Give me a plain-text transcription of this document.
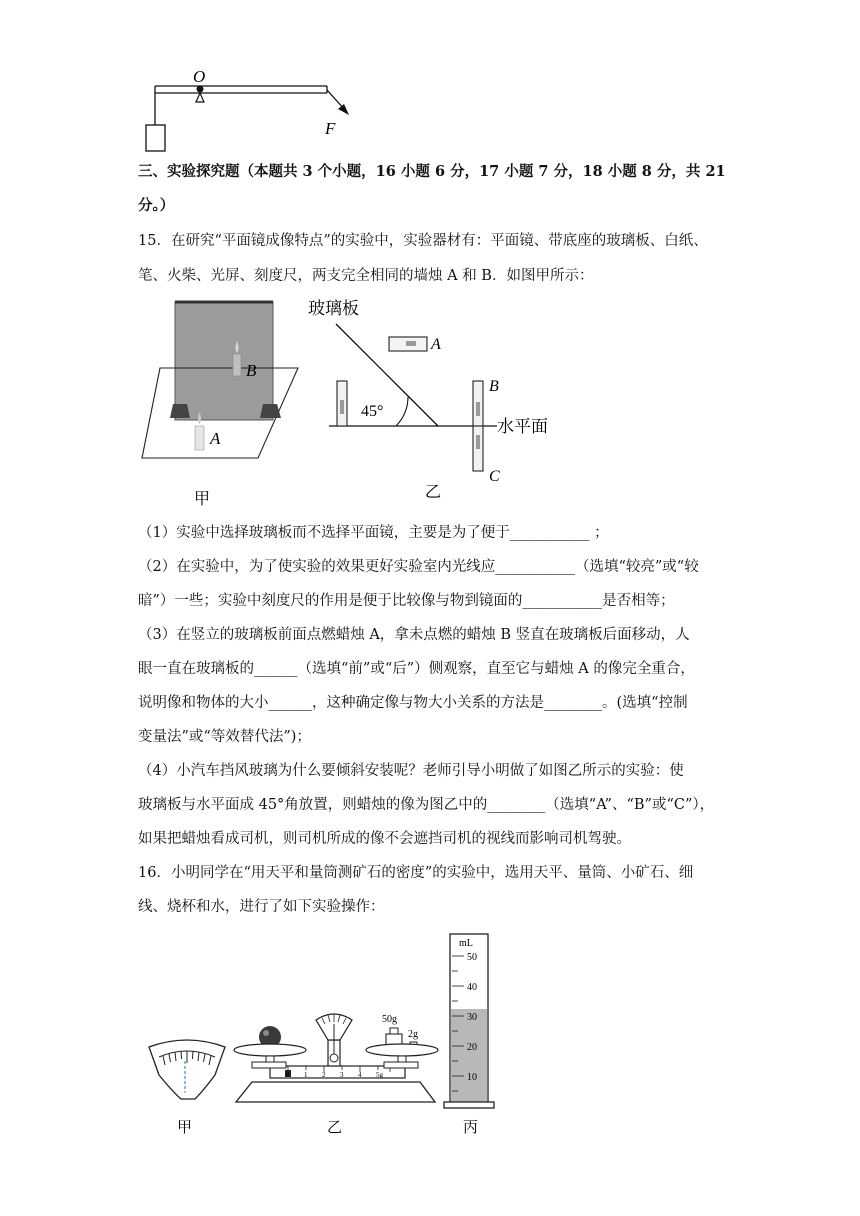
O
F
三、实验探究题（本题共 3 个小题，16 小题 6 分，17 小题 7 分，18 小题 8 分，共 21
分。）
15．在研究“平面镜成像特点”的实验中，实验器材有：平面镜、带底座的玻璃板、白纸、
笔、火柴、光屏、刻度尺，两支完全相同的墙烛 A 和 B．如图甲所示：
B
A
甲
玻璃板
45°
A
B
C
水平面
乙
（1）实验中选择玻璃板而不选择平面镜，主要是为了便于___________ ；
（2）在实验中，为了使实验的效果更好实验室内光线应___________（选填“较亮”或“较
暗”）一些；实验中刻度尺的作用是便于比较像与物到镜面的___________是否相等；
（3）在竖立的玻璃板前面点燃蜡烛 A，拿未点燃的蜡烛 B 竖直在玻璃板后面移动，人
眼一直在玻璃板的______（选填“前”或“后”）侧观察，直至它与蜡烛 A 的像完全重合，
说明像和物体的大小______，这种确定像与物大小关系的方法是________。(选填“控制
变量法”或“等效替代法”)；
（4）小汽车挡风玻璃为什么要倾斜安装呢？老师引导小明做了如图乙所示的实验：使
玻璃板与水平面成 45°角放置，则蜡烛的像为图乙中的________（选填“A”、“B”或“C”），
如果把蜡烛看成司机，则司机所成的像不会遮挡司机的视线而影响司机驾驶。
16．小明同学在“用天平和量筒测矿石的密度”的实验中，选用天平、量筒、小矿石、细
线、烧杯和水，进行了如下实验操作：
甲
0 1 2 3 4 5g
50g
2g
乙
mL
50
40
30
20
10
丙
